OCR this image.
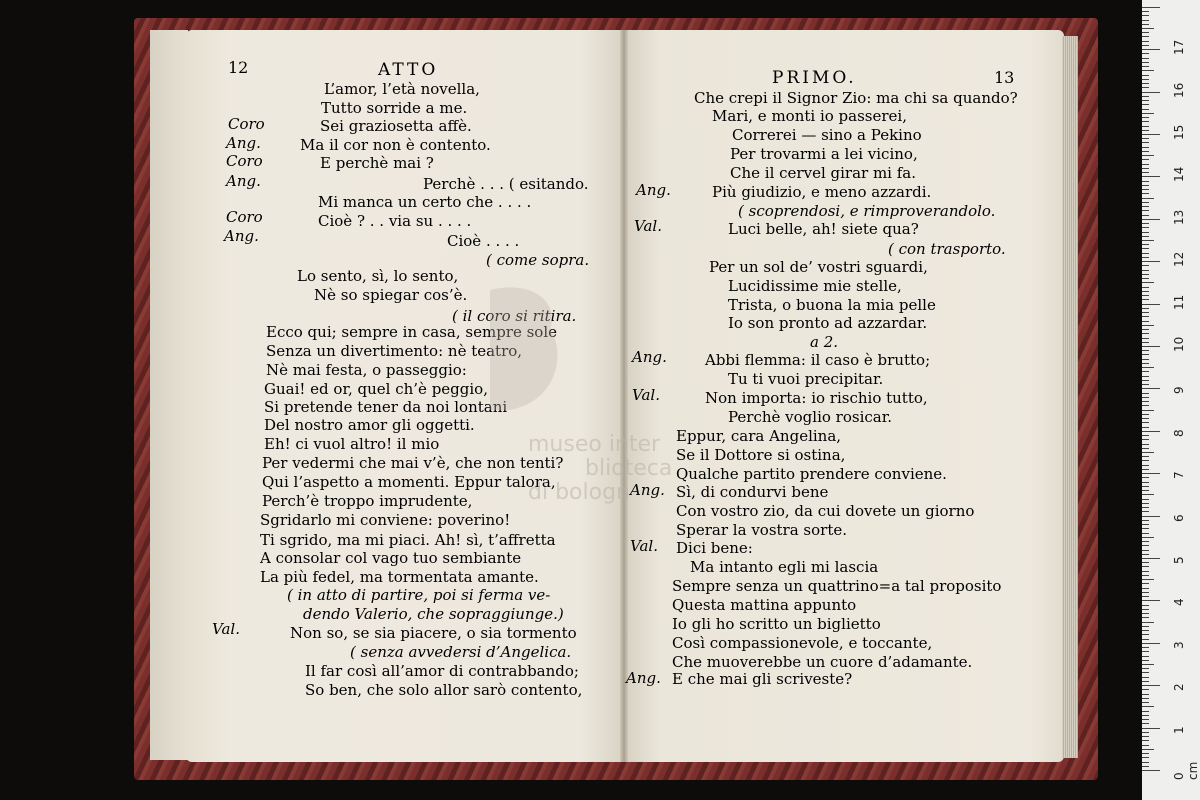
12	ATTO
Coro
Ang.
Coro
Ang.
Coro
Ang.
Val.
L’amor, l’età novella,
Tutto sorride a me.
Sei graziosetta affè.
Ma il cor non è contento.
E perchè mai ?
Perchè . . . ( esitando.
Mi manca un certo che . . . .
Cioè ? . . via su . . . .
Cioè . . . .
( come sopra.
Lo sento, sì, lo sento,
Nè so spiegar cos’è.
( il coro si ritira.
Ecco qui; sempre in casa, sempre sole
Senza un divertimento: nè teatro,
Nè mai festa, o passeggio:
Guai! ed or, quel ch’è peggio,
Si pretende tener da noi lontani
Del nostro amor gli oggetti.
Eh! ci vuol altro! il mio
Per vedermi che mai v’è, che non tenti?
Qui l’aspetto a momenti. Eppur talora,
Perch’è troppo imprudente,
Sgridarlo mi conviene: poverino!
Ti sgrido, ma mi piaci. Ah! sì, t’affretta
A consolar col vago tuo sembiante
La più fedel, ma tormentata amante.
( in atto di partire, poi si ferma ve-
dendo Valerio, che sopraggiunge.)
Non so, se sia piacere, o sia tormento
( senza avvedersi d’Angelica.
Il far così all’amor di contrabbando;
So ben, che solo allor sarò contento,
PRIMO.	13
Ang.
Val.
Ang.
Val.
Ang.
Val.
Ang.
Che crepi il Signor Zio: ma chi sa quando?
Mari, e monti io passerei,
Correrei — sino a Pekino
Per trovarmi a lei vicino,
Che il cervel girar mi fa.
Più giudizio, e meno azzardi.
( scoprendosi, e rimproverandolo.
Luci belle, ah! siete qua?
( con trasporto.
Per un sol de’ vostri sguardi,
Lucidissime mie stelle,
Trista, o buona la mia pelle
Io son pronto ad azzardar.
a 2.
Abbi flemma: il caso è brutto;
Tu ti vuoi precipitar.
Non importa: io rischio tutto,
Perchè voglio rosicar.
Eppur, cara Angelina,
Se il Dottore si ostina,
Qualche partito prendere conviene.
Sì, di condurvi bene
Con vostro zio, da cui dovete un giorno
Sperar la vostra sorte.
Dici bene:
Ma intanto egli mi lascia
Sempre senza un quattrino=a tal proposito
Questa mattina appunto
Io gli ho scritto un biglietto
Così compassionevole, e toccante,
Che muoverebbe un cuore d’adamante.
E che mai gli scriveste?
museo inter
blioteca
di bologn
0 cm
1
2
3
4
5
6
7
8
9
10
11
12
13
14
15
16
17
